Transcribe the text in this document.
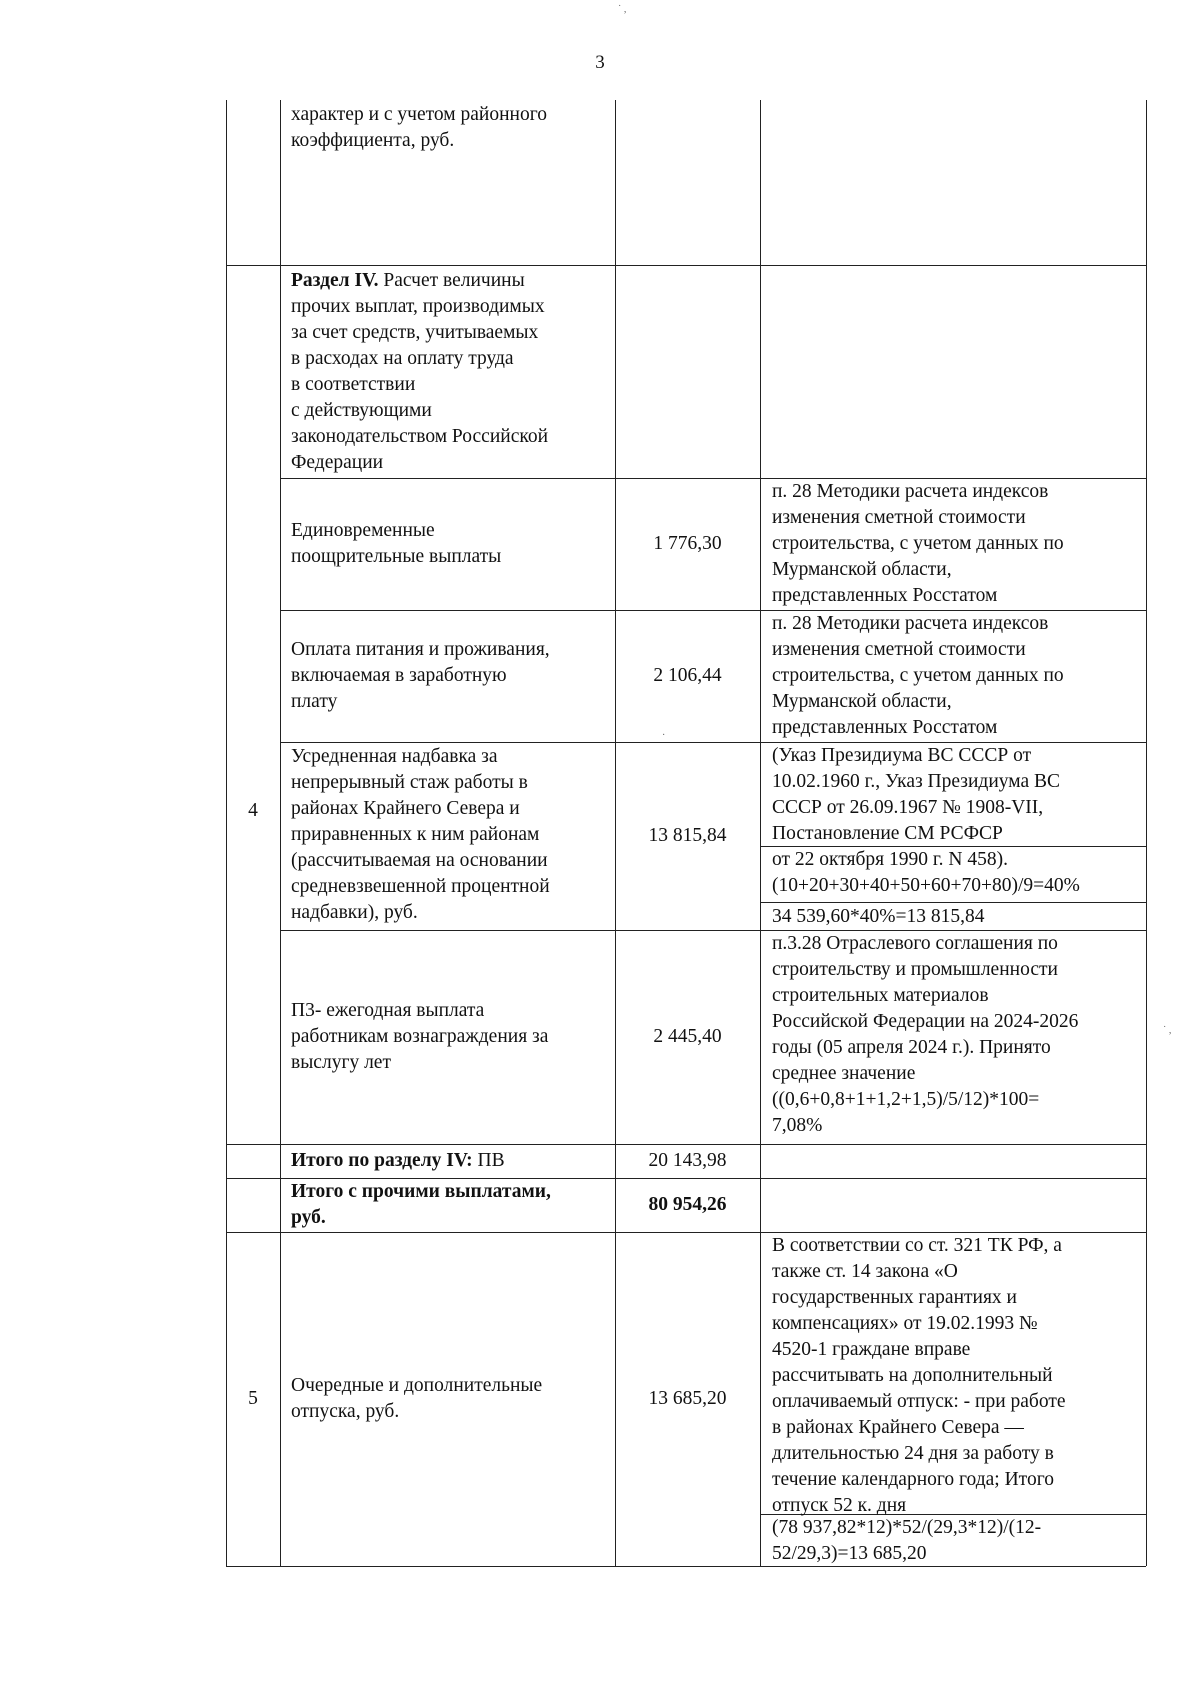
3
˙ ,
˙ ,
·
характер и с учетом районного
коэффициента, руб.
Раздел IV. Расчет величины
прочих выплат, производимых
за счет средств, учитываемых
в расходах на оплату труда
в соответствии
с действующими
законодательством Российской
Федерации
4
Единовременные
поощрительные выплаты
1 776,30
п. 28 Методики расчета индексов
изменения сметной стоимости
строительства, с учетом данных по
Мурманской области,
представленных Росстатом
Оплата питания и проживания,
включаемая в заработную
плату
2 106,44
п. 28 Методики расчета индексов
изменения сметной стоимости
строительства, с учетом данных по
Мурманской области,
представленных Росстатом
Усредненная надбавка за
непрерывный стаж работы в
районах Крайнего Севера и
приравненных к ним районам
(рассчитываемая на основании
средневзвешенной процентной
надбавки), руб.
13 815,84
(Указ Президиума ВС СССР от
10.02.1960 г., Указ Президиума ВС
СССР от 26.09.1967 № 1908-VII,
Постановление СМ РСФСР
от 22 октября 1990 г. N 458).
(10+20+30+40+50+60+70+80)/9=40%
34 539,60*40%=13 815,84
П3- ежегодная выплата
работникам вознаграждения за
выслугу лет
2 445,40
п.3.28 Отраслевого соглашения по
строительству и промышленности
строительных материалов
Российской Федерации на 2024-2026
годы (05 апреля 2024 г.). Принято
среднее значение
((0,6+0,8+1+1,2+1,5)/5/12)*100=
7,08%
Итого по разделу IV: ПВ	20 143,98
Итого с прочими выплатами,
руб.
80 954,26
5
Очередные и дополнительные
отпуска, руб.
13 685,20
В соответствии со ст. 321 ТК РФ, а
также ст. 14 закона «О
государственных гарантиях и
компенсациях» от 19.02.1993 №
4520-1 граждане вправе
рассчитывать на дополнительный
оплачиваемый отпуск: - при работе
в районах Крайнего Севера —
длительностью 24 дня за работу в
течение календарного года; Итого
отпуск 52 к. дня
(78 937,82*12)*52/(29,3*12)/(12-
52/29,3)=13 685,20
